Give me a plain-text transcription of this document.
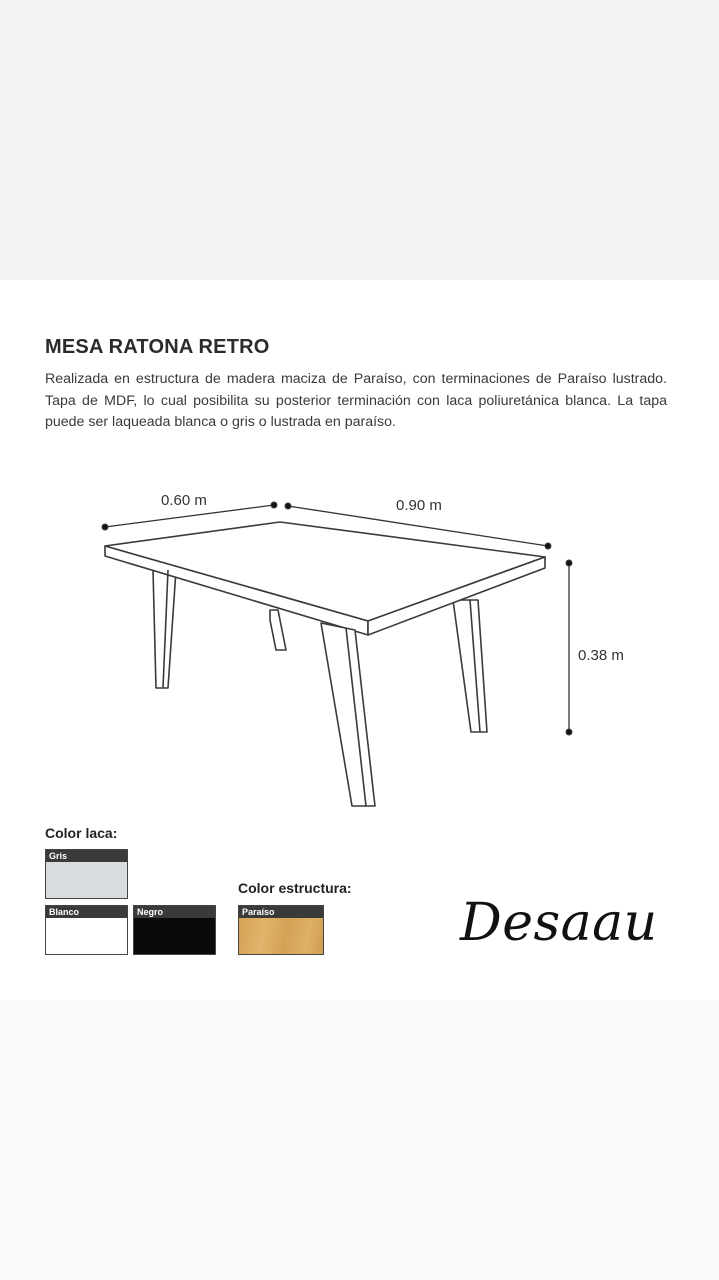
MESA RATONA RETRO
Realizada en estructura de madera maciza de Paraíso, con terminaciones de Paraíso lustrado. Tapa de MDF, lo cual posibilita su posterior terminación con laca poliuretánica blanca. La tapa puede ser laqueada blanca o gris o lustrada en paraíso.
0.60 m	0.90 m
0.38 m
Color laca:
Gris
Blanco	Negro
Color estructura:
Paraíso	Desaau
